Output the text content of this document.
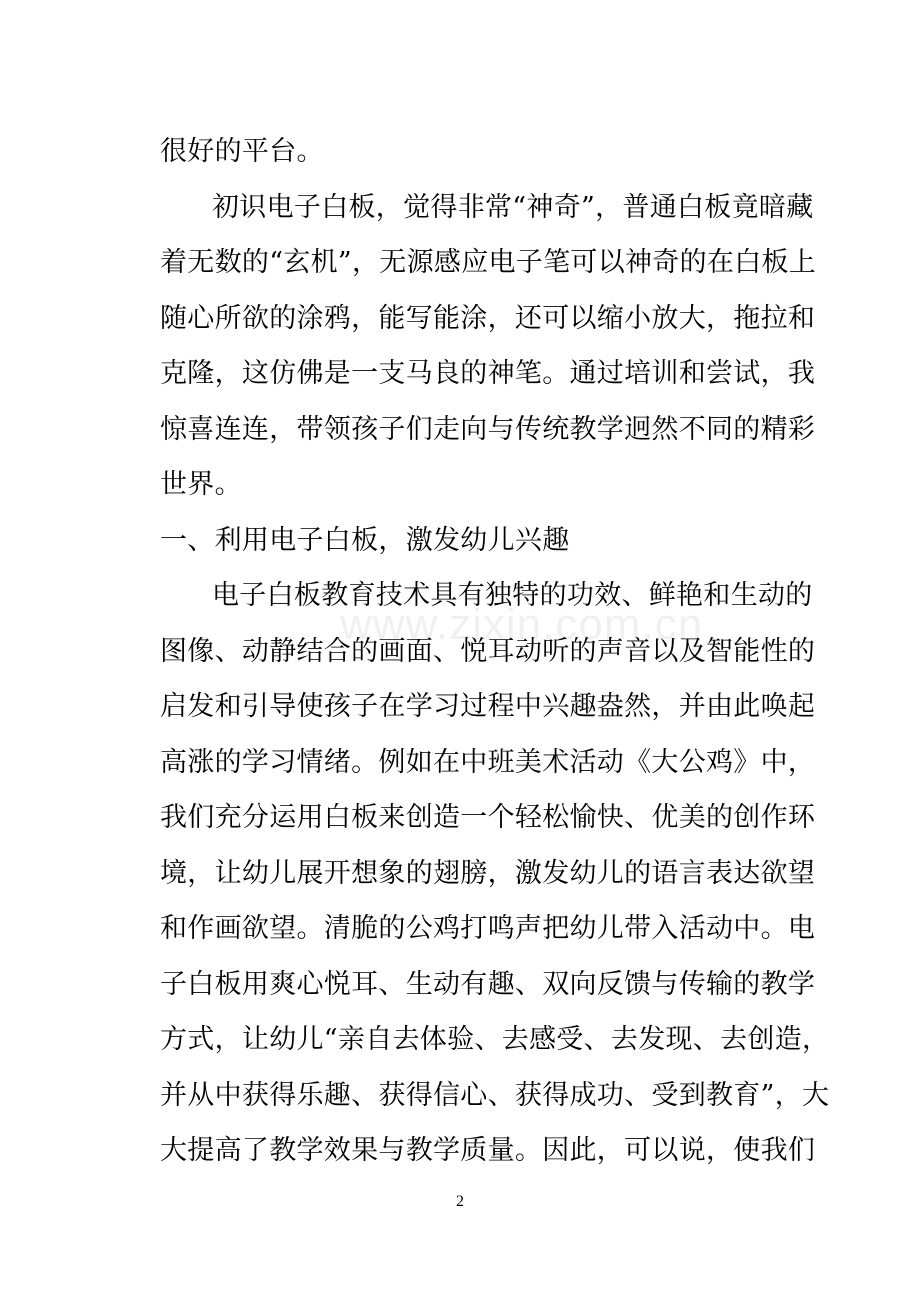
www.zixin.com.cn
很好的平台。
初识电子白板，觉得非常“神奇”，普通白板竟暗藏
着无数的“玄机”，无源感应电子笔可以神奇的在白板上
随心所欲的涂鸦，能写能涂，还可以缩小放大，拖拉和
克隆，这仿佛是一支马良的神笔。通过培训和尝试，我
惊喜连连，带领孩子们走向与传统教学迥然不同的精彩
世界。
一、利用电子白板，激发幼儿兴趣
电子白板教育技术具有独特的功效、鲜艳和生动的
图像、动静结合的画面、悦耳动听的声音以及智能性的
启发和引导使孩子在学习过程中兴趣盎然，并由此唤起
高涨的学习情绪。例如在中班美术活动《大公鸡》中，
我们充分运用白板来创造一个轻松愉快、优美的创作环
境，让幼儿展开想象的翅膀，激发幼儿的语言表达欲望
和作画欲望。清脆的公鸡打鸣声把幼儿带入活动中。电
子白板用爽心悦耳、生动有趣、双向反馈与传输的教学
方式，让幼儿“亲自去体验、去感受、去发现、去创造，
并从中获得乐趣、获得信心、获得成功、受到教育”，大
大提高了教学效果与教学质量。因此，可以说，使我们
2
